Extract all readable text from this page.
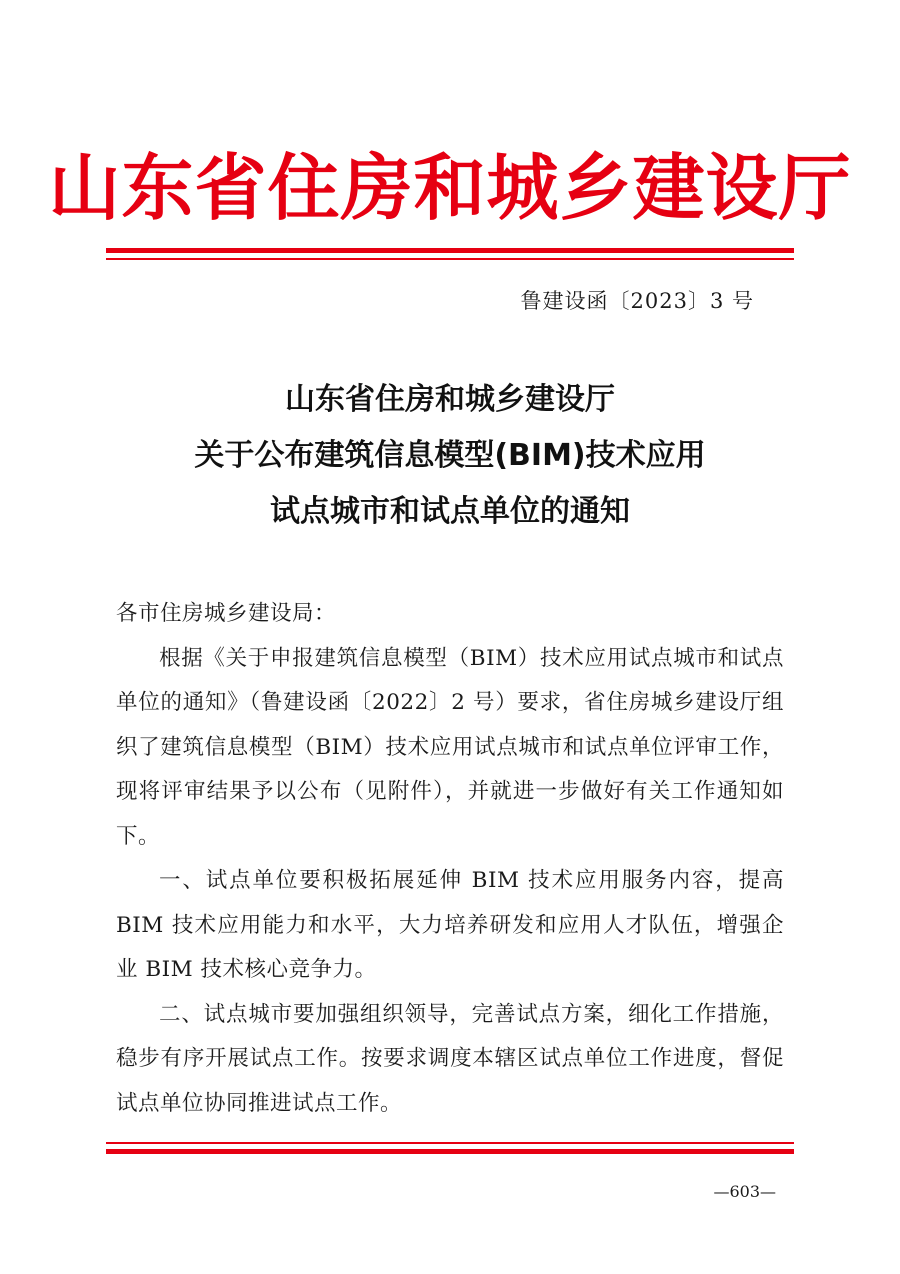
山东省住房和城乡建设厅
鲁建设函〔2023〕3 号
山东省住房和城乡建设厅
关于公布建筑信息模型(BIM)技术应用
试点城市和试点单位的通知

各市住房城乡建设局：

根据《关于申报建筑信息模型（BIM）技术应用试点城市和试点单位的通知》（鲁建设函〔2022〕2 号）要求，省住房城乡建设厅组织了建筑信息模型（BIM）技术应用试点城市和试点单位评审工作，现将评审结果予以公布（见附件），并就进一步做好有关工作通知如下。

一、试点单位要积极拓展延伸 BIM 技术应用服务内容，提高 BIM 技术应用能力和水平，大力培养研发和应用人才队伍，增强企业 BIM 技术核心竞争力。

二、试点城市要加强组织领导，完善试点方案，细化工作措施，稳步有序开展试点工作。按要求调度本辖区试点单位工作进度，督促试点单位协同推进试点工作。

—603—
